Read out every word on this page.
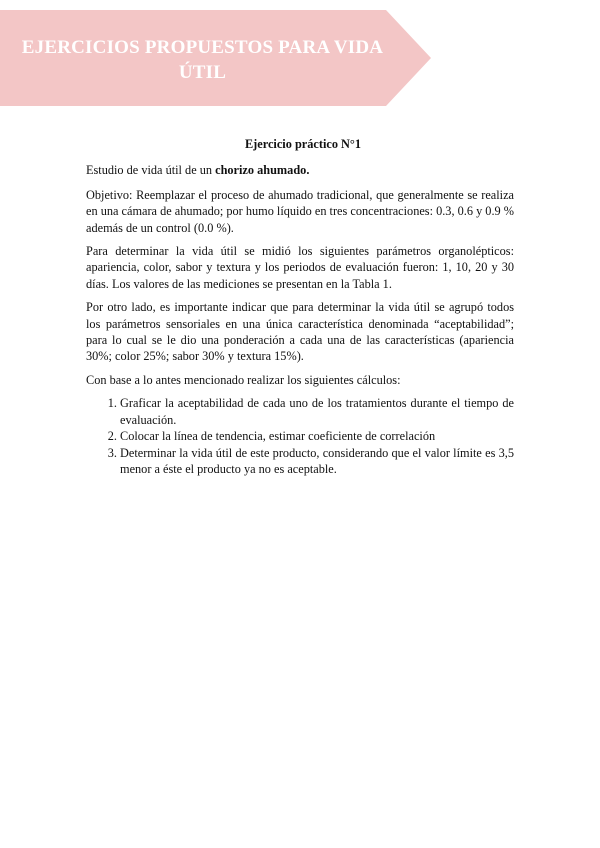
EJERCICIOS PROPUESTOS PARA VIDA ÚTIL
Ejercicio práctico N°1

Estudio de vida útil de un chorizo ahumado.

Objetivo: Reemplazar el proceso de ahumado tradicional, que generalmente se realiza en una cámara de ahumado; por humo líquido en tres concentraciones: 0.3, 0.6 y 0.9 % además de un control (0.0 %).

Para determinar la vida útil se midió los siguientes parámetros organolépticos: apariencia, color, sabor y textura y los periodos de evaluación fueron: 1, 10, 20 y 30 días. Los valores de las mediciones se presentan en la Tabla 1.

Por otro lado, es importante indicar que para determinar la vida útil se agrupó todos los parámetros sensoriales en una única característica denominada “aceptabilidad”; para lo cual se le dio una ponderación a cada una de las características (apariencia 30%; color 25%; sabor 30% y textura 15%).

Con base a lo antes mencionado realizar los siguientes cálculos:

1. Graficar la aceptabilidad de cada uno de los tratamientos durante el tiempo de evaluación.
2. Colocar la línea de tendencia, estimar coeficiente de correlación
3. Determinar la vida útil de este producto, considerando que el valor límite es 3,5 menor a éste el producto ya no es aceptable.
